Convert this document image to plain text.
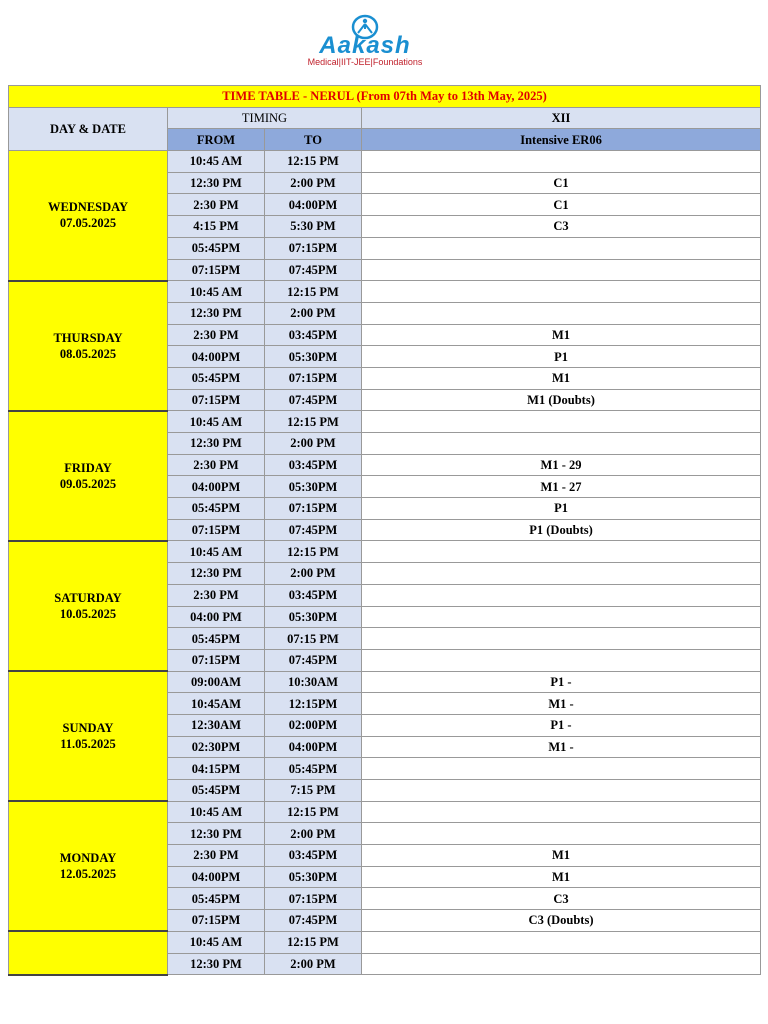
Aakash
Medical|IIT-JEE|Foundations
TIME TABLE - NERUL (From 07th May to 13th May, 2025)			
DAY & DATE	TIMING		XII
	FROM	TO	Intensive ER06

WEDNESDAY
07.05.2025	10:45 AM	12:15 PM	
	12:30 PM	2:00 PM	C1
	2:30 PM	04:00PM	C1
	4:15 PM	5:30 PM	C3
	05:45PM	07:15PM	
	07:15PM	07:45PM	

THURSDAY
08.05.2025	10:45 AM	12:15 PM	
	12:30 PM	2:00 PM	
	2:30 PM	03:45PM	M1
	04:00PM	05:30PM	P1
	05:45PM	07:15PM	M1
	07:15PM	07:45PM	M1 (Doubts)

FRIDAY
09.05.2025	10:45 AM	12:15 PM	
	12:30 PM	2:00 PM	
	2:30 PM	03:45PM	M1 - 29
	04:00PM	05:30PM	M1 - 27
	05:45PM	07:15PM	P1
	07:15PM	07:45PM	P1 (Doubts)

SATURDAY
10.05.2025	10:45 AM	12:15 PM	
	12:30 PM	2:00 PM	
	2:30 PM	03:45PM	
	04:00 PM	05:30PM	
	05:45PM	07:15 PM	
	07:15PM	07:45PM	

SUNDAY
11.05.2025	09:00AM	10:30AM	P1 -
	10:45AM	12:15PM	M1 -
	12:30AM	02:00PM	P1 -
	02:30PM	04:00PM	M1 -
	04:15PM	05:45PM	
	05:45PM	7:15 PM	

MONDAY
12.05.2025	10:45 AM	12:15 PM	
	12:30 PM	2:00 PM	
	2:30 PM	03:45PM	M1
	04:00PM	05:30PM	M1
	05:45PM	07:15PM	C3
	07:15PM	07:45PM	C3 (Doubts)

	10:45 AM	12:15 PM	
	12:30 PM	2:00 PM	
